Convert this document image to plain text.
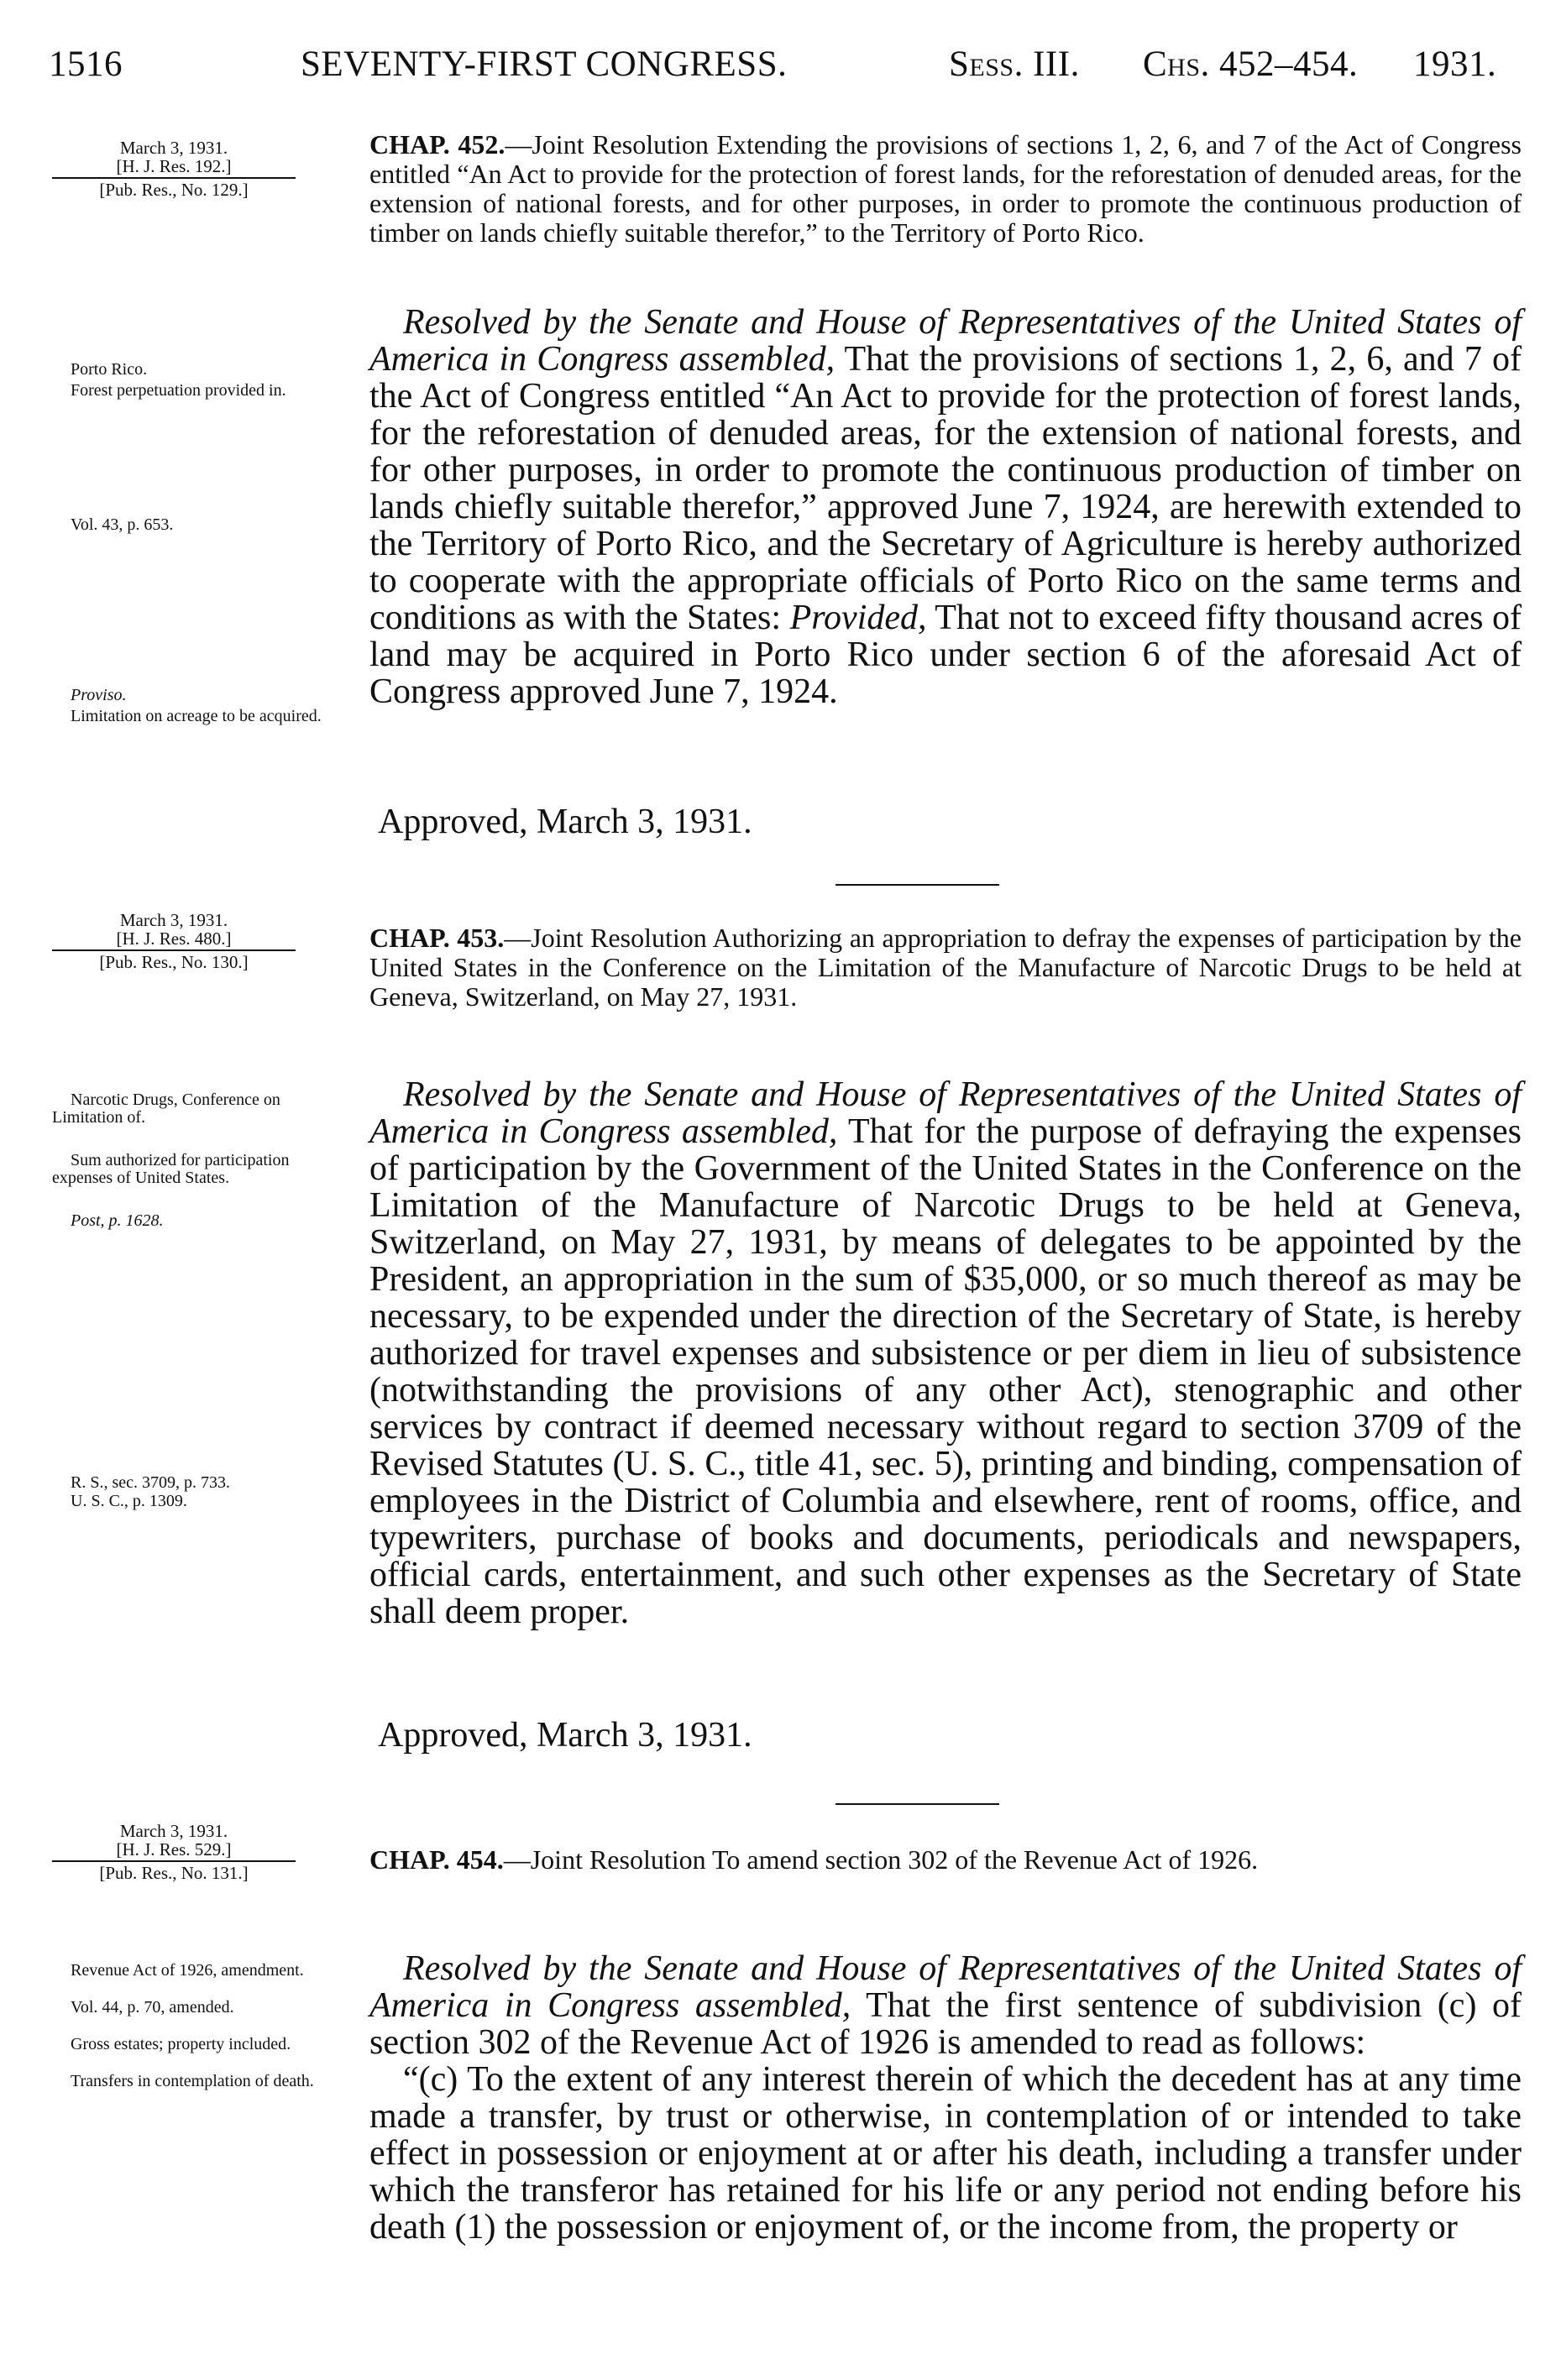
1516	SEVENTY-FIRST CONGRESS.	Sess. III. Chs. 452–454. 1931.

March 3, 1931.

[H. J. Res. 192.]

[Pub. Res., No. 129.]

CHAP. 452.—Joint Resolution Extending the provisions of sections 1, 2, 6, and 7 of the Act of Congress entitled “An Act to provide for the protection of forest lands, for the reforestation of denuded areas, for the extension of national forests, and for other purposes, in order to promote the continuous production of timber on lands chiefly suitable therefor,” to the Territory of Porto Rico.

Porto Rico.

Forest perpetuation provided in.

Vol. 43, p. 653.

Proviso.

Limitation on acreage to be acquired.

Resolved by the Senate and House of Representatives of the United States of America in Congress assembled, That the provisions of sections 1, 2, 6, and 7 of the Act of Congress entitled “An Act to provide for the protection of forest lands, for the reforestation of denuded areas, for the extension of national forests, and for other purposes, in order to promote the continuous production of timber on lands chiefly suitable therefor,” approved June 7, 1924, are herewith extended to the Territory of Porto Rico, and the Secretary of Agriculture is hereby authorized to cooperate with the appropriate officials of Porto Rico on the same terms and conditions as with the States: Provided, That not to exceed fifty thousand acres of land may be acquired in Porto Rico under section 6 of the aforesaid Act of Congress approved June 7, 1924.

Approved, March 3, 1931.

March 3, 1931.

[H. J. Res. 480.]

[Pub. Res., No. 130.]

CHAP. 453.—Joint Resolution Authorizing an appropriation to defray the expenses of participation by the United States in the Conference on the Limitation of the Manufacture of Narcotic Drugs to be held at Geneva, Switzerland, on May 27, 1931.

Narcotic Drugs, Conference on Limitation of.

Sum authorized for participation expenses of United States.

Post, p. 1628.

R. S., sec. 3709, p. 733.

U. S. C., p. 1309.

Resolved by the Senate and House of Representatives of the United States of America in Congress assembled, That for the purpose of defraying the expenses of participation by the Government of the United States in the Conference on the Limitation of the Manufacture of Narcotic Drugs to be held at Geneva, Switzerland, on May 27, 1931, by means of delegates to be appointed by the President, an appropriation in the sum of $35,000, or so much thereof as may be necessary, to be expended under the direction of the Secretary of State, is hereby authorized for travel expenses and subsistence or per diem in lieu of subsistence (notwithstanding the provisions of any other Act), stenographic and other services by contract if deemed necessary without regard to section 3709 of the Revised Statutes (U. S. C., title 41, sec. 5), printing and binding, compensation of employees in the District of Columbia and elsewhere, rent of rooms, office, and typewriters, purchase of books and documents, periodicals and newspapers, official cards, entertainment, and such other expenses as the Secretary of State shall deem proper.

Approved, March 3, 1931.

March 3, 1931.

[H. J. Res. 529.]

[Pub. Res., No. 131.]	CHAP. 454.—Joint Resolution To amend section 302 of the Revenue Act of 1926.

Revenue Act of 1926, amendment.

Vol. 44, p. 70, amended.

Gross estates; property included.

Transfers in contemplation of death.

Resolved by the Senate and House of Representatives of the United States of America in Congress assembled, That the first sentence of subdivision (c) of section 302 of the Revenue Act of 1926 is amended to read as follows:

“(c) To the extent of any interest therein of which the decedent has at any time made a transfer, by trust or otherwise, in contemplation of or intended to take effect in possession or enjoyment at or after his death, including a transfer under which the transferor has retained for his life or any period not ending before his death (1) the possession or enjoyment of, or the income from, the property or
